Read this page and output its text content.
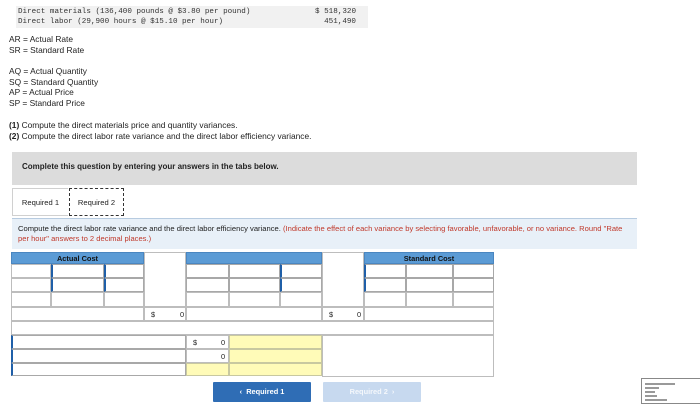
Direct materials (136,400 pounds @ $3.80 per pound)	$ 518,320
Direct labor (29,900 hours @ $15.10 per hour)	451,490
AR = Actual Rate
SR = Standard Rate
AQ = Actual Quantity
SQ = Standard Quantity
AP = Actual Price
SP = Standard Price
(1) Compute the direct materials price and quantity variances.
(2) Compute the direct labor rate variance and the direct labor efficiency variance.
Complete this question by entering your answers in the tabs below.
Required 1	Required 2
Compute the direct labor rate variance and the direct labor efficiency variance. (Indicate the effect of each variance by selecting favorable, unfavorable, or no variance. Round "Rate per hour" answers to 2 decimal places.)
Actual Cost	Standard Cost
$	0	$	0
$	0
0
‹  Required 1	Required 2  ›
